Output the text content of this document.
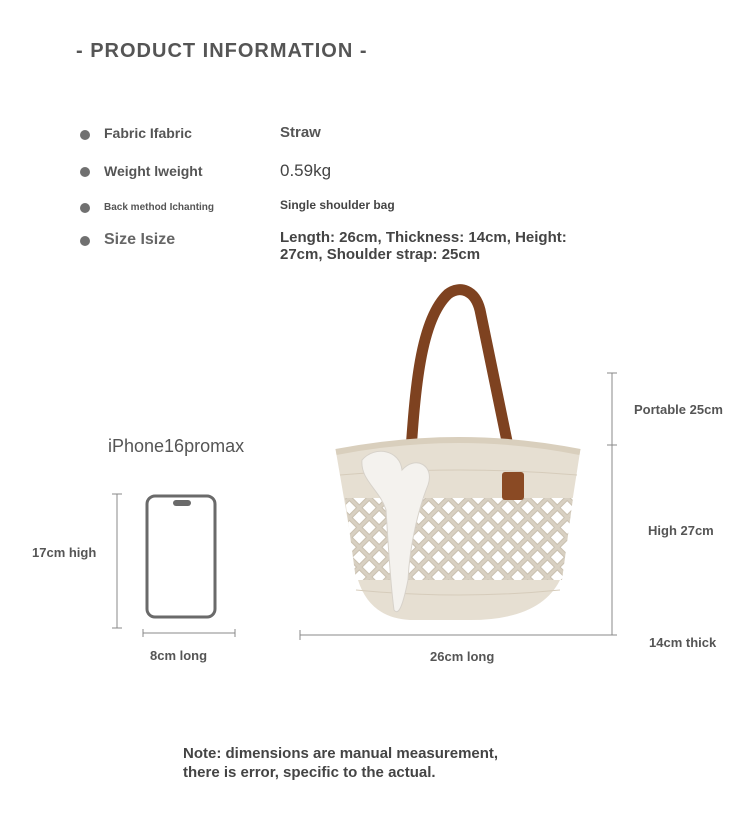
- PRODUCT INFORMATION -
Fabric Ifabric	Straw
Weight lweight	0.59kg
Back method Ichanting	Single shoulder bag
Size Isize	Length: 26cm, Thickness: 14cm, Height: 27cm, Shoulder strap: 25cm
iPhone16promax
17cm high
8cm long
Portable 25cm
High 27cm
14cm thick
26cm long
Note: dimensions are manual measurement,
there is error, specific to the actual.
